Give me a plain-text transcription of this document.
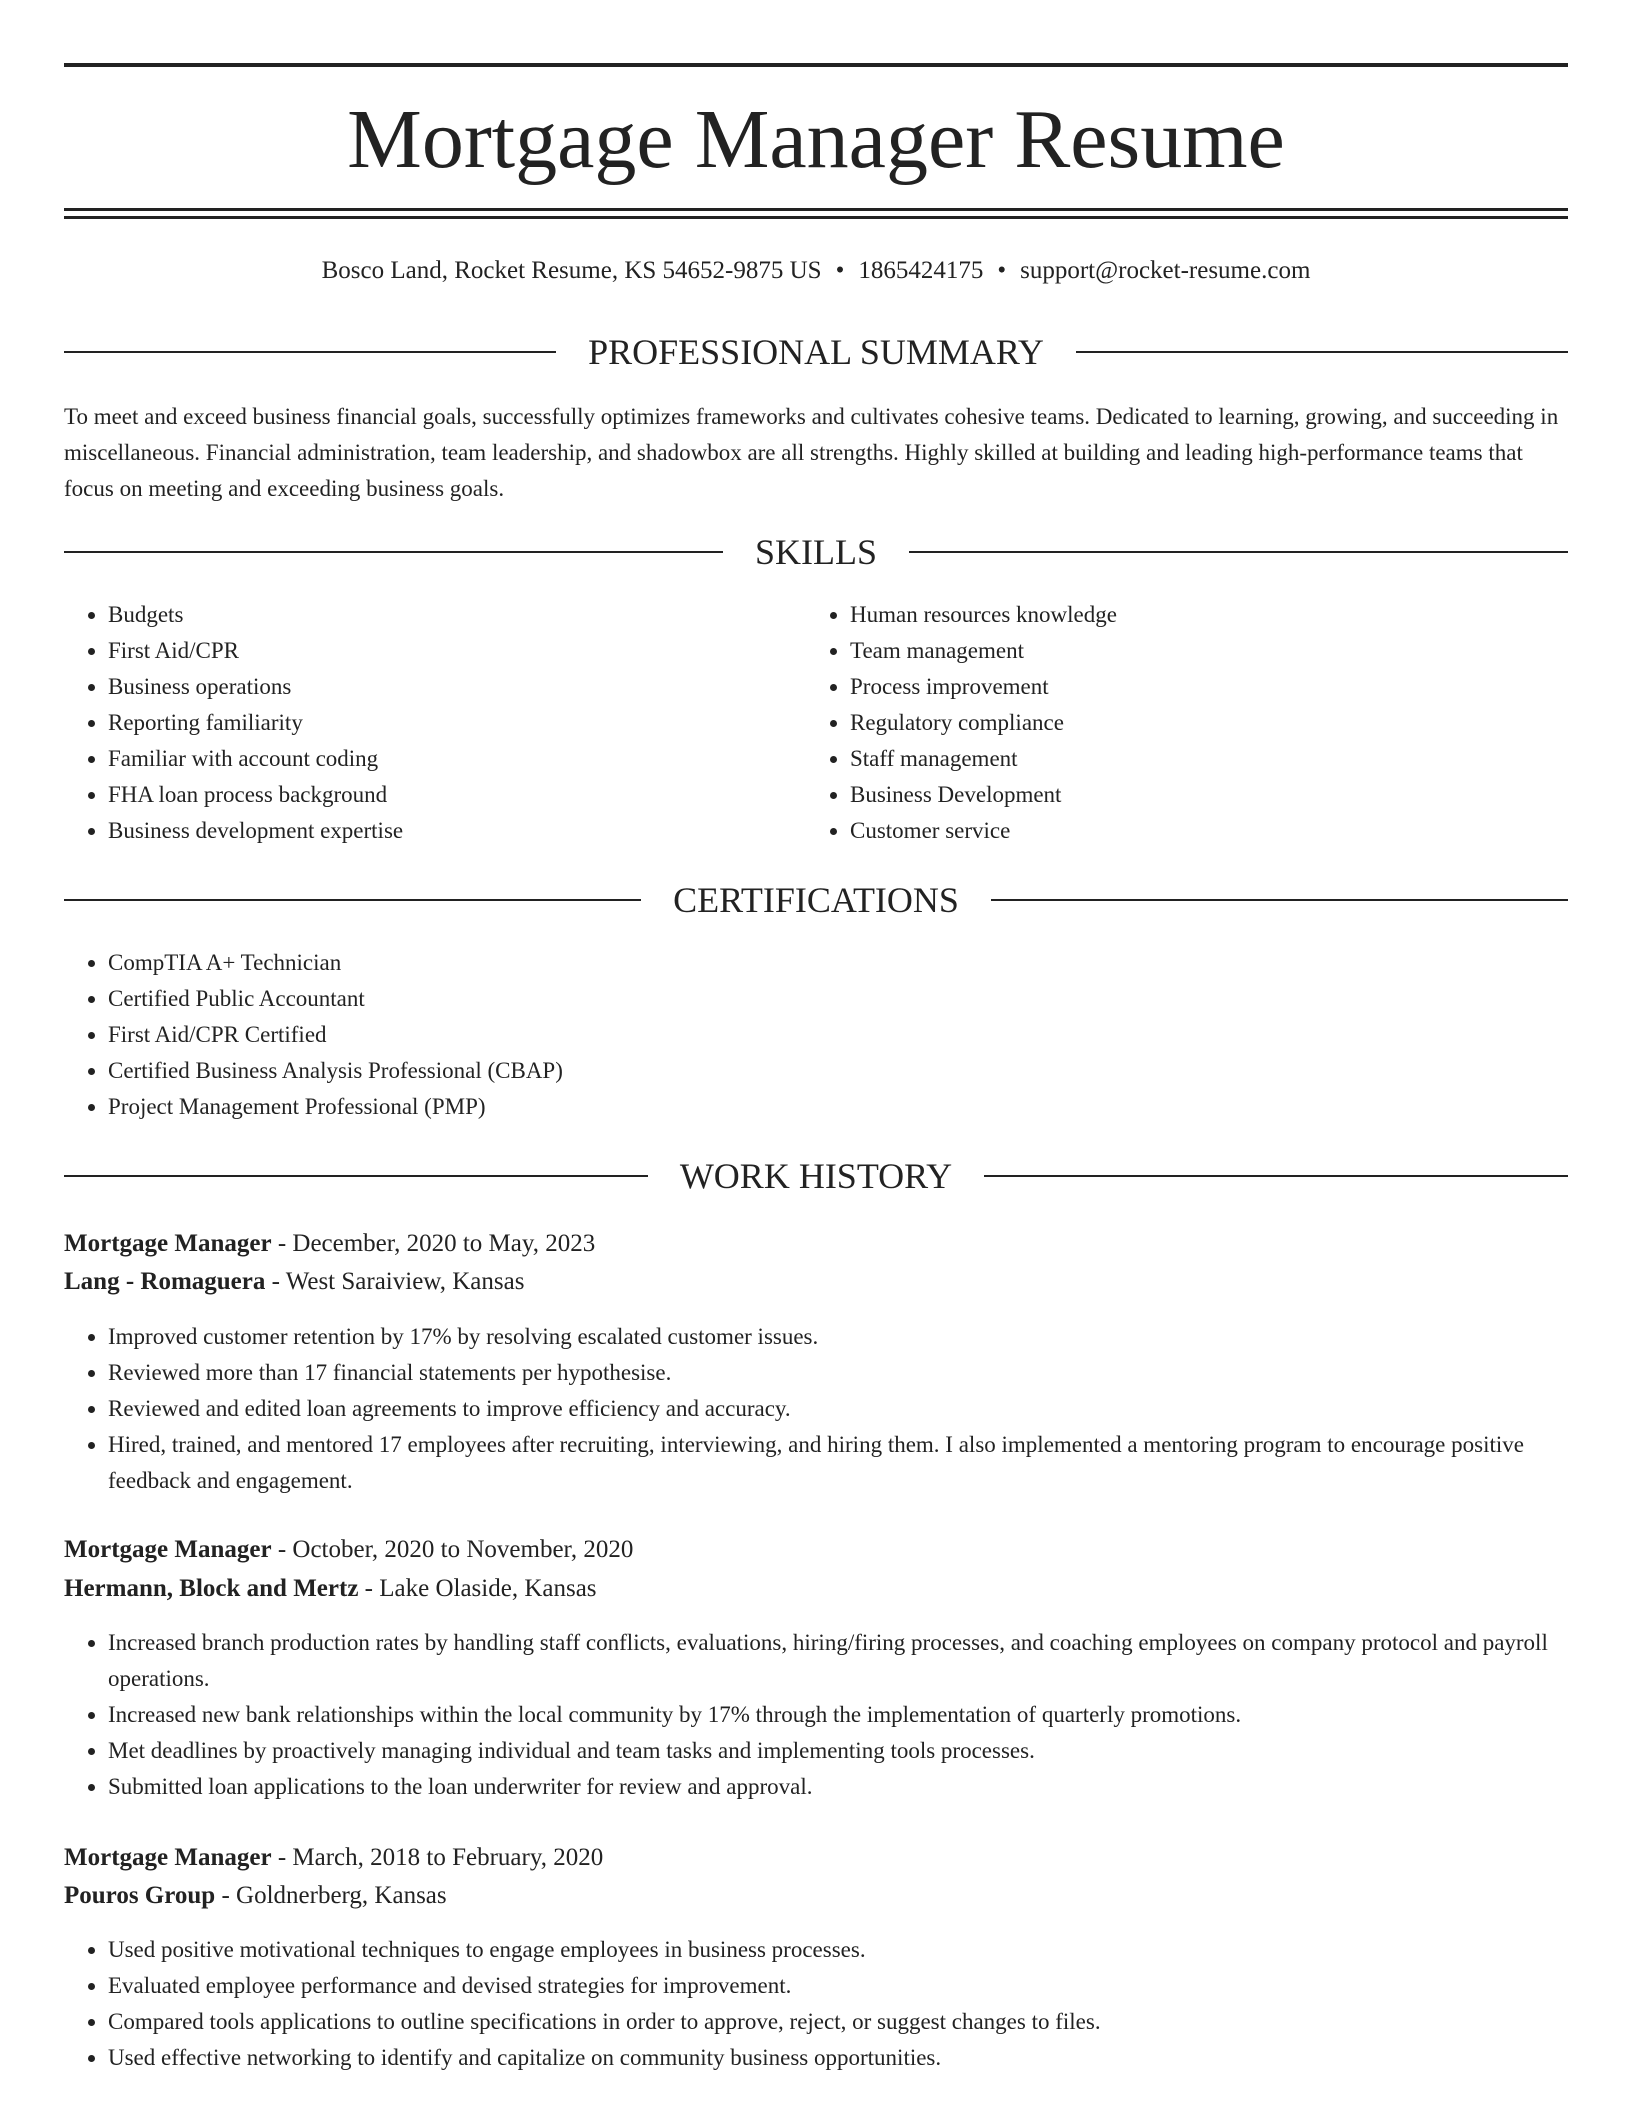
Mortgage Manager Resume
Bosco Land, Rocket Resume, KS 54652-9875 US • 1865424175 • support@rocket-resume.com
PROFESSIONAL SUMMARY

To meet and exceed business financial goals, successfully optimizes frameworks and cultivates cohesive teams. Dedicated to learning, growing, and succeeding in miscellaneous. Financial administration, team leadership, and shadowbox are all strengths. Highly skilled at building and leading high-performance teams that focus on meeting and exceeding business goals.

SKILLS
• Budgets
• First Aid/CPR
• Business operations
• Reporting familiarity
• Familiar with account coding
• FHA loan process background
• Business development expertise
• Human resources knowledge
• Team management
• Process improvement
• Regulatory compliance
• Staff management
• Business Development
• Customer service
CERTIFICATIONS
• CompTIA A+ Technician
• Certified Public Accountant
• First Aid/CPR Certified
• Certified Business Analysis Professional (CBAP)
• Project Management Professional (PMP)
WORK HISTORY
Mortgage Manager - December, 2020 to May, 2023
Lang - Romaguera - West Saraiview, Kansas
• Improved customer retention by 17% by resolving escalated customer issues.
• Reviewed more than 17 financial statements per hypothesise.
• Reviewed and edited loan agreements to improve efficiency and accuracy.
• Hired, trained, and mentored 17 employees after recruiting, interviewing, and hiring them. I also implemented a mentoring program to encourage positive feedback and engagement.
Mortgage Manager - October, 2020 to November, 2020
Hermann, Block and Mertz - Lake Olaside, Kansas
• Increased branch production rates by handling staff conflicts, evaluations, hiring/firing processes, and coaching employees on company protocol and payroll operations.
• Increased new bank relationships within the local community by 17% through the implementation of quarterly promotions.
• Met deadlines by proactively managing individual and team tasks and implementing tools processes.
• Submitted loan applications to the loan underwriter for review and approval.
Mortgage Manager - March, 2018 to February, 2020
Pouros Group - Goldnerberg, Kansas
• Used positive motivational techniques to engage employees in business processes.
• Evaluated employee performance and devised strategies for improvement.
• Compared tools applications to outline specifications in order to approve, reject, or suggest changes to files.
• Used effective networking to identify and capitalize on community business opportunities.
